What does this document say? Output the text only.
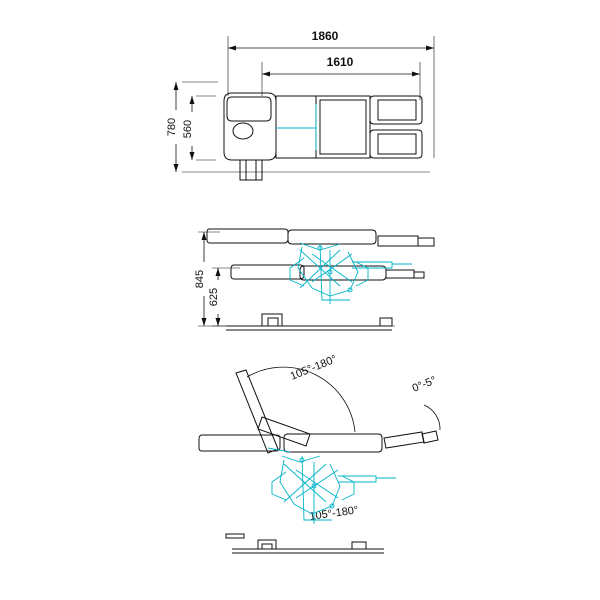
1860
1610
780 560
845
625
105°-180°
0°-5°
105°-180°
